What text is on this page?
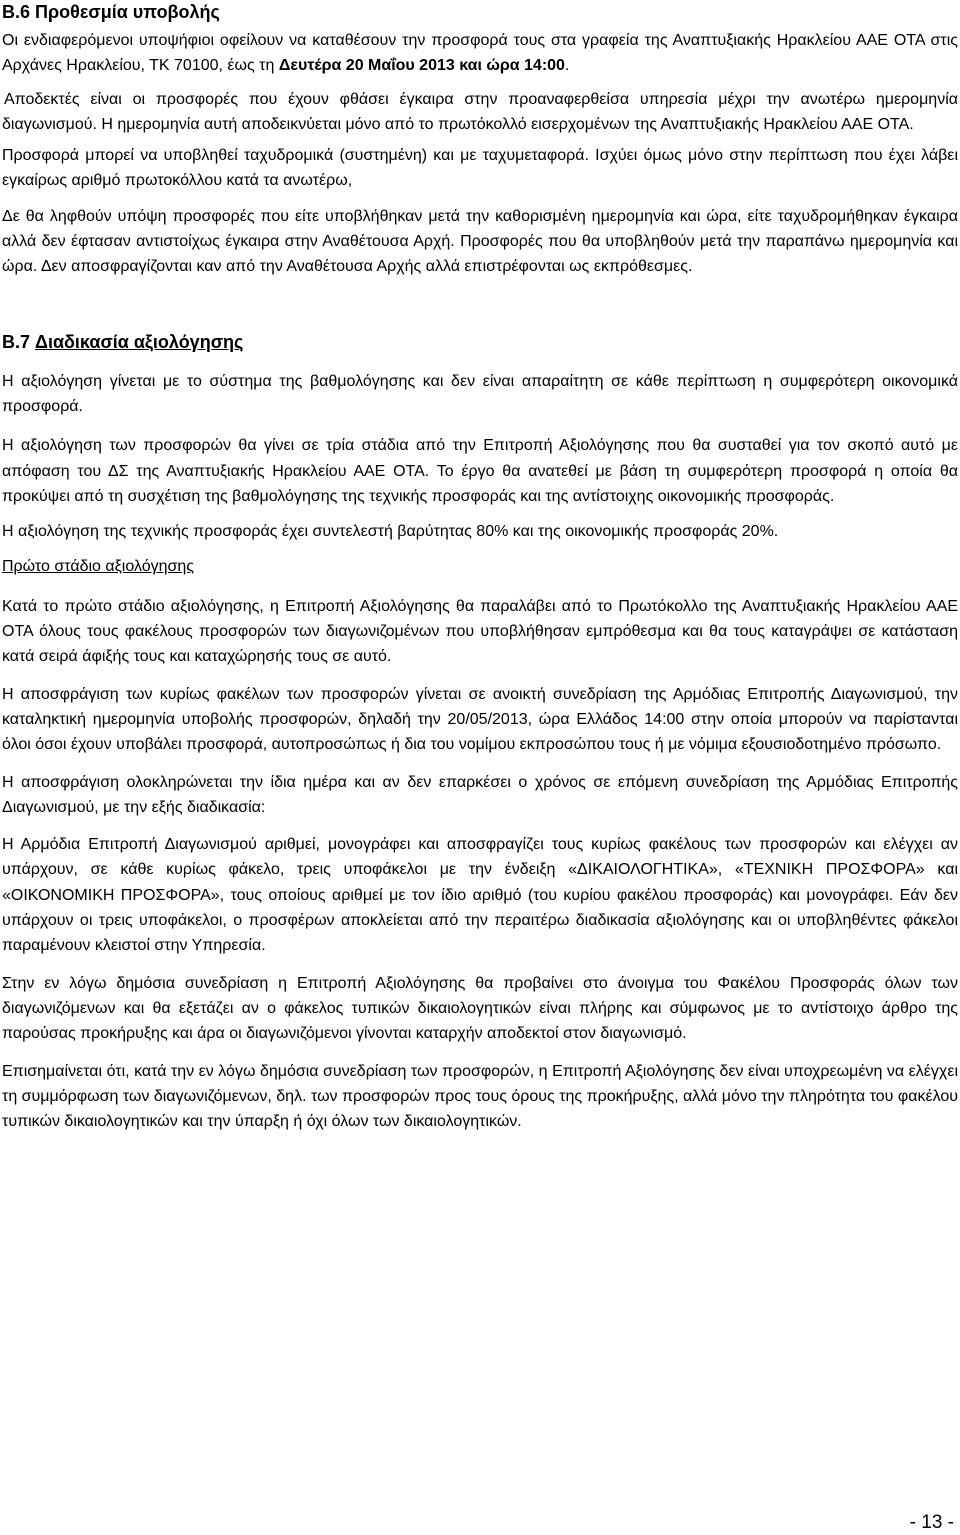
B.6 Προθεσμία υποβολής

Οι ενδιαφερόμενοι υποψήφιοι οφείλουν να καταθέσουν την προσφορά τους στα γραφεία της Αναπτυξιακής Ηρακλείου ΑΑΕ ΟΤΑ στις Αρχάνες Ηρακλείου, ΤΚ 70100, έως τη Δευτέρα 20 Μαΐου 2013 και ώρα 14:00.

Αποδεκτές είναι οι προσφορές που έχουν φθάσει έγκαιρα στην προαναφερθείσα υπηρεσία μέχρι την ανωτέρω ημερομηνία διαγωνισμού. Η ημερομηνία αυτή αποδεικνύεται μόνο από το πρωτόκολλό εισερχομένων της Αναπτυξιακής Ηρακλείου ΑΑΕ ΟΤΑ.

Προσφορά μπορεί να υποβληθεί ταχυδρομικά (συστημένη) και με ταχυμεταφορά. Ισχύει όμως μόνο στην περίπτωση που έχει λάβει εγκαίρως αριθμό πρωτοκόλλου κατά τα ανωτέρω,

Δε θα ληφθούν υπόψη προσφορές που είτε υποβλήθηκαν μετά την καθορισμένη ημερομηνία και ώρα, είτε ταχυδρομήθηκαν έγκαιρα αλλά δεν έφτασαν αντιστοίχως έγκαιρα στην Αναθέτουσα Αρχή. Προσφορές που θα υποβληθούν μετά την παραπάνω ημερομηνία και ώρα. Δεν αποσφραγίζονται καν από την Αναθέτουσα Αρχής αλλά επιστρέφονται ως εκπρόθεσμες.

B.7 Διαδικασία αξιολόγησης

Η αξιολόγηση γίνεται με το σύστημα της βαθμολόγησης και δεν είναι απαραίτητη σε κάθε περίπτωση η συμφερότερη οικονομικά προσφορά.

Η αξιολόγηση των προσφορών θα γίνει σε τρία στάδια από την Επιτροπή Αξιολόγησης που θα συσταθεί για τον σκοπό αυτό με απόφαση του ΔΣ της Αναπτυξιακής Ηρακλείου ΑΑΕ ΟΤΑ. Το έργο θα ανατεθεί με βάση τη συμφερότερη προσφορά η οποία θα προκύψει από τη συσχέτιση της βαθμολόγησης της τεχνικής προσφοράς και της αντίστοιχης οικονομικής προσφοράς.

Η αξιολόγηση της τεχνικής προσφοράς έχει συντελεστή βαρύτητας 80% και της οικονομικής προσφοράς 20%.

Πρώτο στάδιο αξιολόγησης

Κατά το πρώτο στάδιο αξιολόγησης, η Επιτροπή Αξιολόγησης θα παραλάβει από το Πρωτόκολλο της Αναπτυξιακής Ηρακλείου ΑΑΕ ΟΤΑ όλους τους φακέλους προσφορών των διαγωνιζομένων που υποβλήθησαν εμπρόθεσμα και θα τους καταγράψει σε κατάσταση κατά σειρά άφιξής τους και καταχώρησής τους σε αυτό.

Η αποσφράγιση των κυρίως φακέλων των προσφορών γίνεται σε ανοικτή συνεδρίαση της Αρμόδιας Επιτροπής Διαγωνισμού, την καταληκτική ημερομηνία υποβολής προσφορών, δηλαδή την 20/05/2013, ώρα Ελλάδος 14:00 στην οποία μπορούν να παρίστανται όλοι όσοι έχουν υποβάλει προσφορά, αυτοπροσώπως ή δια του νομίμου εκπροσώπου τους ή με νόμιμα εξουσιοδοτημένο πρόσωπο.

Η αποσφράγιση ολοκληρώνεται την ίδια ημέρα και αν δεν επαρκέσει ο χρόνος σε επόμενη συνεδρίαση της Αρμόδιας Επιτροπής Διαγωνισμού, με την εξής διαδικασία:

Η Αρμόδια Επιτροπή Διαγωνισμού αριθμεί, μονογράφει και αποσφραγίζει τους κυρίως φακέλους των προσφορών και ελέγχει αν υπάρχουν, σε κάθε κυρίως φάκελο, τρεις υποφάκελοι με την ένδειξη «ΔΙΚΑΙΟΛΟΓΗΤΙΚΑ», «ΤΕΧΝΙΚΗ ΠΡΟΣΦΟΡΑ» και «ΟΙΚΟΝΟΜΙΚΗ ΠΡΟΣΦΟΡΑ», τους οποίους αριθμεί με τον ίδιο αριθμό (του κυρίου φακέλου προσφοράς) και μονογράφει. Εάν δεν υπάρχουν οι τρεις υποφάκελοι, ο προσφέρων αποκλείεται από την περαιτέρω διαδικασία αξιολόγησης και οι υποβληθέντες φάκελοι παραμένουν κλειστοί στην Υπηρεσία.

Στην εν λόγω δημόσια συνεδρίαση η Επιτροπή Αξιολόγησης θα προβαίνει στο άνοιγμα του Φακέλου Προσφοράς όλων των διαγωνιζόμενων και θα εξετάζει αν ο φάκελος τυπικών δικαιολογητικών είναι πλήρης και σύμφωνος με το αντίστοιχο άρθρο της παρούσας προκήρυξης και άρα οι διαγωνιζόμενοι γίνονται καταρχήν αποδεκτοί στον διαγωνισμό.

Επισημαίνεται ότι, κατά την εν λόγω δημόσια συνεδρίαση των προσφορών, η Επιτροπή Αξιολόγησης δεν είναι υποχρεωμένη να ελέγχει τη συμμόρφωση των διαγωνιζόμενων, δηλ. των προσφορών προς τους όρους της προκήρυξης, αλλά μόνο την πληρότητα του φακέλου τυπικών δικαιολογητικών και την ύπαρξη ή όχι όλων των δικαιολογητικών.

- 13 -
